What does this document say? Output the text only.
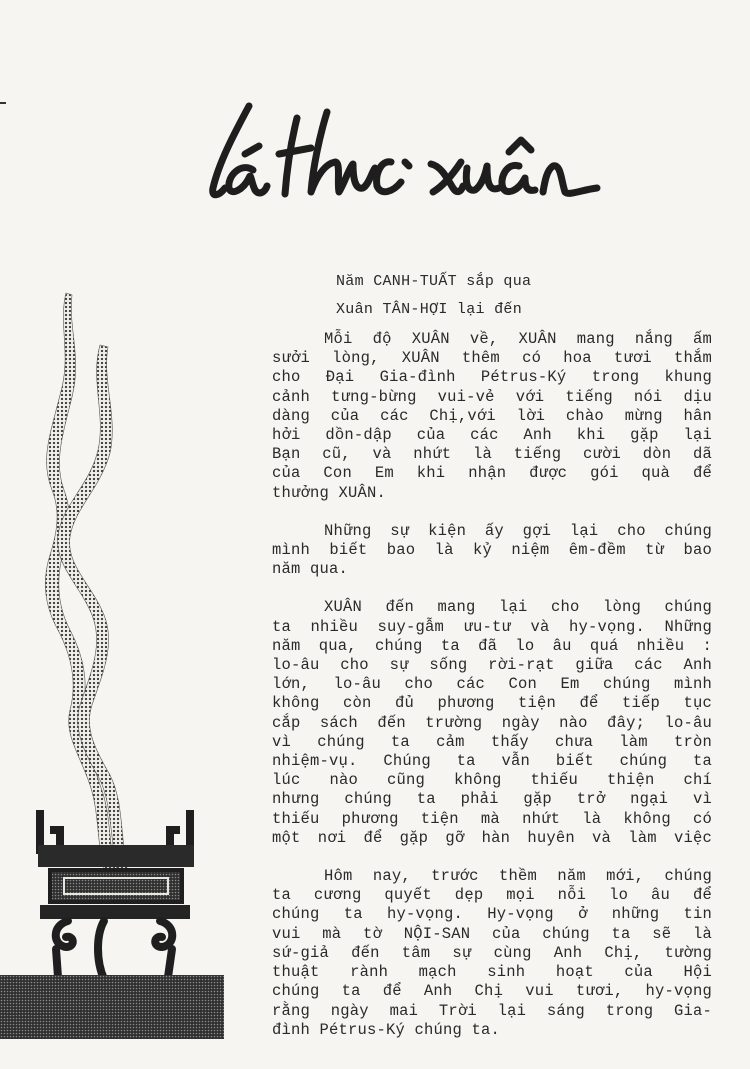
Năm CANH-TUẤT sắp qua
Xuân TÂN-HỢI lại đến
Mỗi độ XUÂN về, XUÂN mang nắng ấm
sưởi lòng, XUÂN thêm có hoa tươi thắm
cho Đại Gia-đình Pétrus-Ký trong khung
cảnh tưng-bừng vui-vẻ với tiếng nói dịu
dàng của các Chị,với lời chào mừng hân
hởi dồn-dập của các Anh khi gặp lại
Bạn cũ, và nhứt là tiếng cười dòn dã
của Con Em khi nhận được gói quà để
thưởng XUÂN.
Những sự kiện ấy gợi lại cho chúng
mình biết bao là kỷ niệm êm-đềm từ bao
năm qua.
XUÂN đến mang lại cho lòng chúng
ta nhiều suy-gẫm ưu-tư và hy-vọng. Những
năm qua, chúng ta đã lo âu quá nhiều :
lo-âu cho sự sống rời-rạt giữa các Anh
lớn, lo-âu cho các Con Em chúng mình
không còn đủ phương tiện để tiếp tục
cắp sách đến trường ngày nào đây; lo-âu
vì chúng ta cảm thấy chưa làm tròn
nhiệm-vụ. Chúng ta vẫn biết chúng ta
lúc nào cũng không thiếu thiện chí
nhưng chúng ta phải gặp trở ngại vì
thiếu phương tiện mà nhứt là không có
một nơi để gặp gỡ hàn huyên và làm việc
Hôm nay, trước thềm năm mới, chúng
ta cương quyết dẹp mọi nỗi lo âu để
chúng ta hy-vọng. Hy-vọng ở những tin
vui mà tờ NỘI-SAN của chúng ta sẽ là
sứ-giả đến tâm sự cùng Anh Chị, tường
thuật rành mạch sinh hoạt của Hội
chúng ta để Anh Chị vui tươi, hy-vọng
rằng ngày mai Trời lại sáng trong Gia-
đình Pétrus-Ký chúng ta.
